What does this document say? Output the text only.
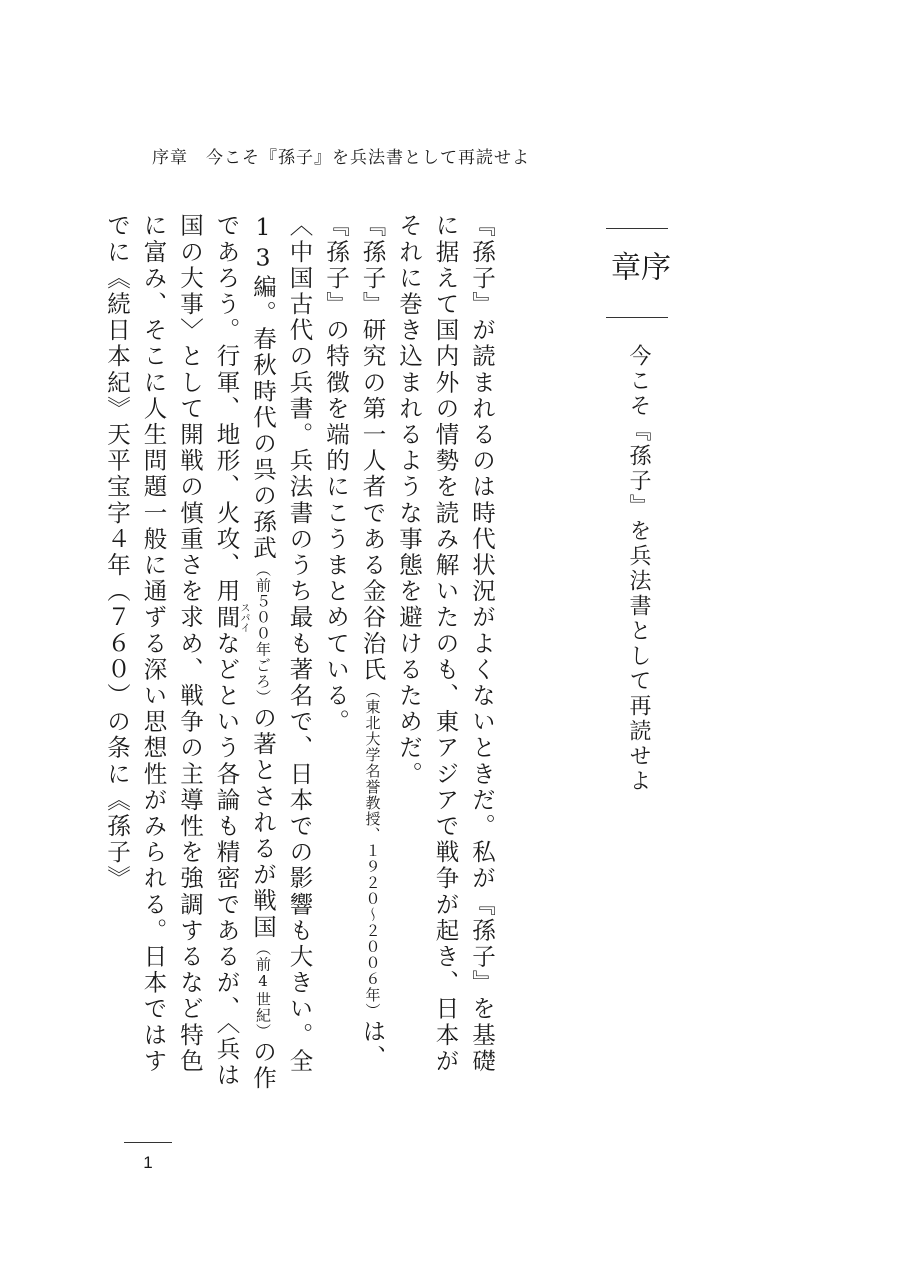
序章 今こそ『孫子』を兵法書として再読せよ
序章
今こそ『孫子』を兵法書として再読せよ

『孫子』が読まれるのは時代状況がよくないときだ。私が『孫子』を基礎に据えて国内外の情勢を読み解いたのも、東アジアで戦争が起き、日本がそれに巻き込まれるような事態を避けるためだ。

『孫子』研究の第一人者である金谷治氏（東北大学名誉教授、１９２０〜２００６年）は、『孫子』の特徴を端的にこうまとめている。

〈中国古代の兵書。兵法書のうち最も著名で、日本での影響も大きい。全13編。春秋時代の呉の孫武（前５００年ごろ）の著とされるが戦国（前4世紀）の作であろう。行軍、地形、火攻、用間スパイなどという各論も精密であるが、〈兵は国の大事〉として開戦の慎重さを求め、戦争の主導性を強調するなど特色に富み、そこに人生問題一般に通ずる深い思想性がみられる。日本ではすでに《続日本紀》天平宝字４年（７６０）の条に《孫子》

1
